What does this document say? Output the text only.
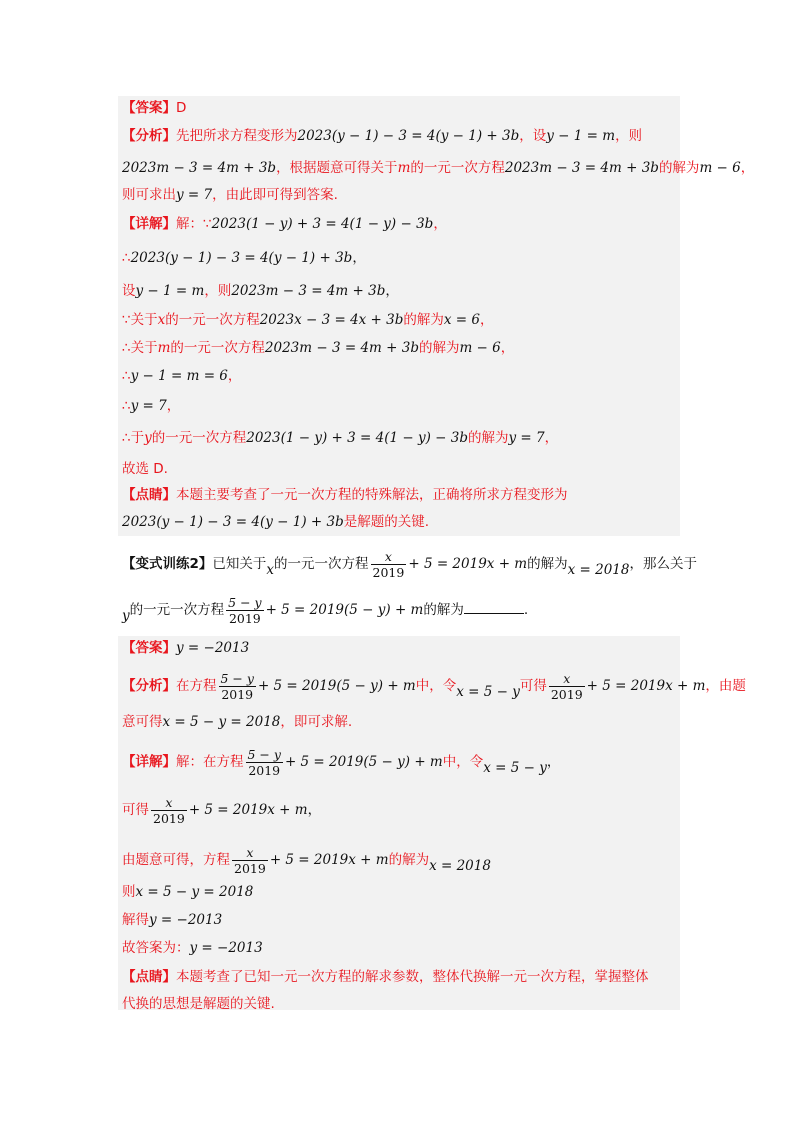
【答案】D
【分析】先把所求方程变形为2023(y − 1) − 3 = 4(y − 1) + 3b，设y − 1 = m，则
2023m − 3 = 4m + 3b，根据题意可得关于m的一元一次方程2023m − 3 = 4m + 3b的解为m − 6，
则可求出y = 7，由此即可得到答案.
【详解】解：∵2023(1 − y) + 3 = 4(1 − y) − 3b，
∴2023(y − 1) − 3 = 4(y − 1) + 3b，
设y − 1 = m，则2023m − 3 = 4m + 3b，
∵关于x的一元一次方程2023x − 3 = 4x + 3b的解为x = 6，
∴关于m的一元一次方程2023m − 3 = 4m + 3b的解为m − 6，
∴y − 1 = m = 6，
∴y = 7，
∴于y的一元一次方程2023(1 − y) + 3 = 4(1 − y) − 3b的解为y = 7，
故选 D.
【点睛】本题主要考查了一元一次方程的特殊解法，正确将所求方程变形为
2023(y − 1) − 3 = 4(y − 1) + 3b是解题的关键.
【变式训练2】已知关于x的一元一次方程 $\frac{x}{2019} + 5 = 2019x + m$的解为x = 2018，那么关于
y的一元一次方程 $\frac{5 - y}{2019} + 5 = 2019(5 - y) + m$的解为	.
【答案】y = −2013
【分析】在方程 $\frac{5 - y}{2019} + 5 = 2019(5 - y) + m$中，令x = 5 − y可得 $\frac{x}{2019} + 5 = 2019x + m$，由题
意可得x = 5 − y = 2018，即可求解.
【详解】解：在方程 $\frac{5 - y}{2019} + 5 = 2019(5 - y) + m$中，令x = 5 − y，
可得 $\frac{x}{2019} + 5 = 2019x + m$，
由题意可得，方程 $\frac{x}{2019} + 5 = 2019x + m$的解为x = 2018
则x = 5 − y = 2018
解得y = −2013
故答案为：y = −2013
【点睛】本题考查了已知一元一次方程的解求参数，整体代换解一元一次方程，掌握整体
代换的思想是解题的关键.
